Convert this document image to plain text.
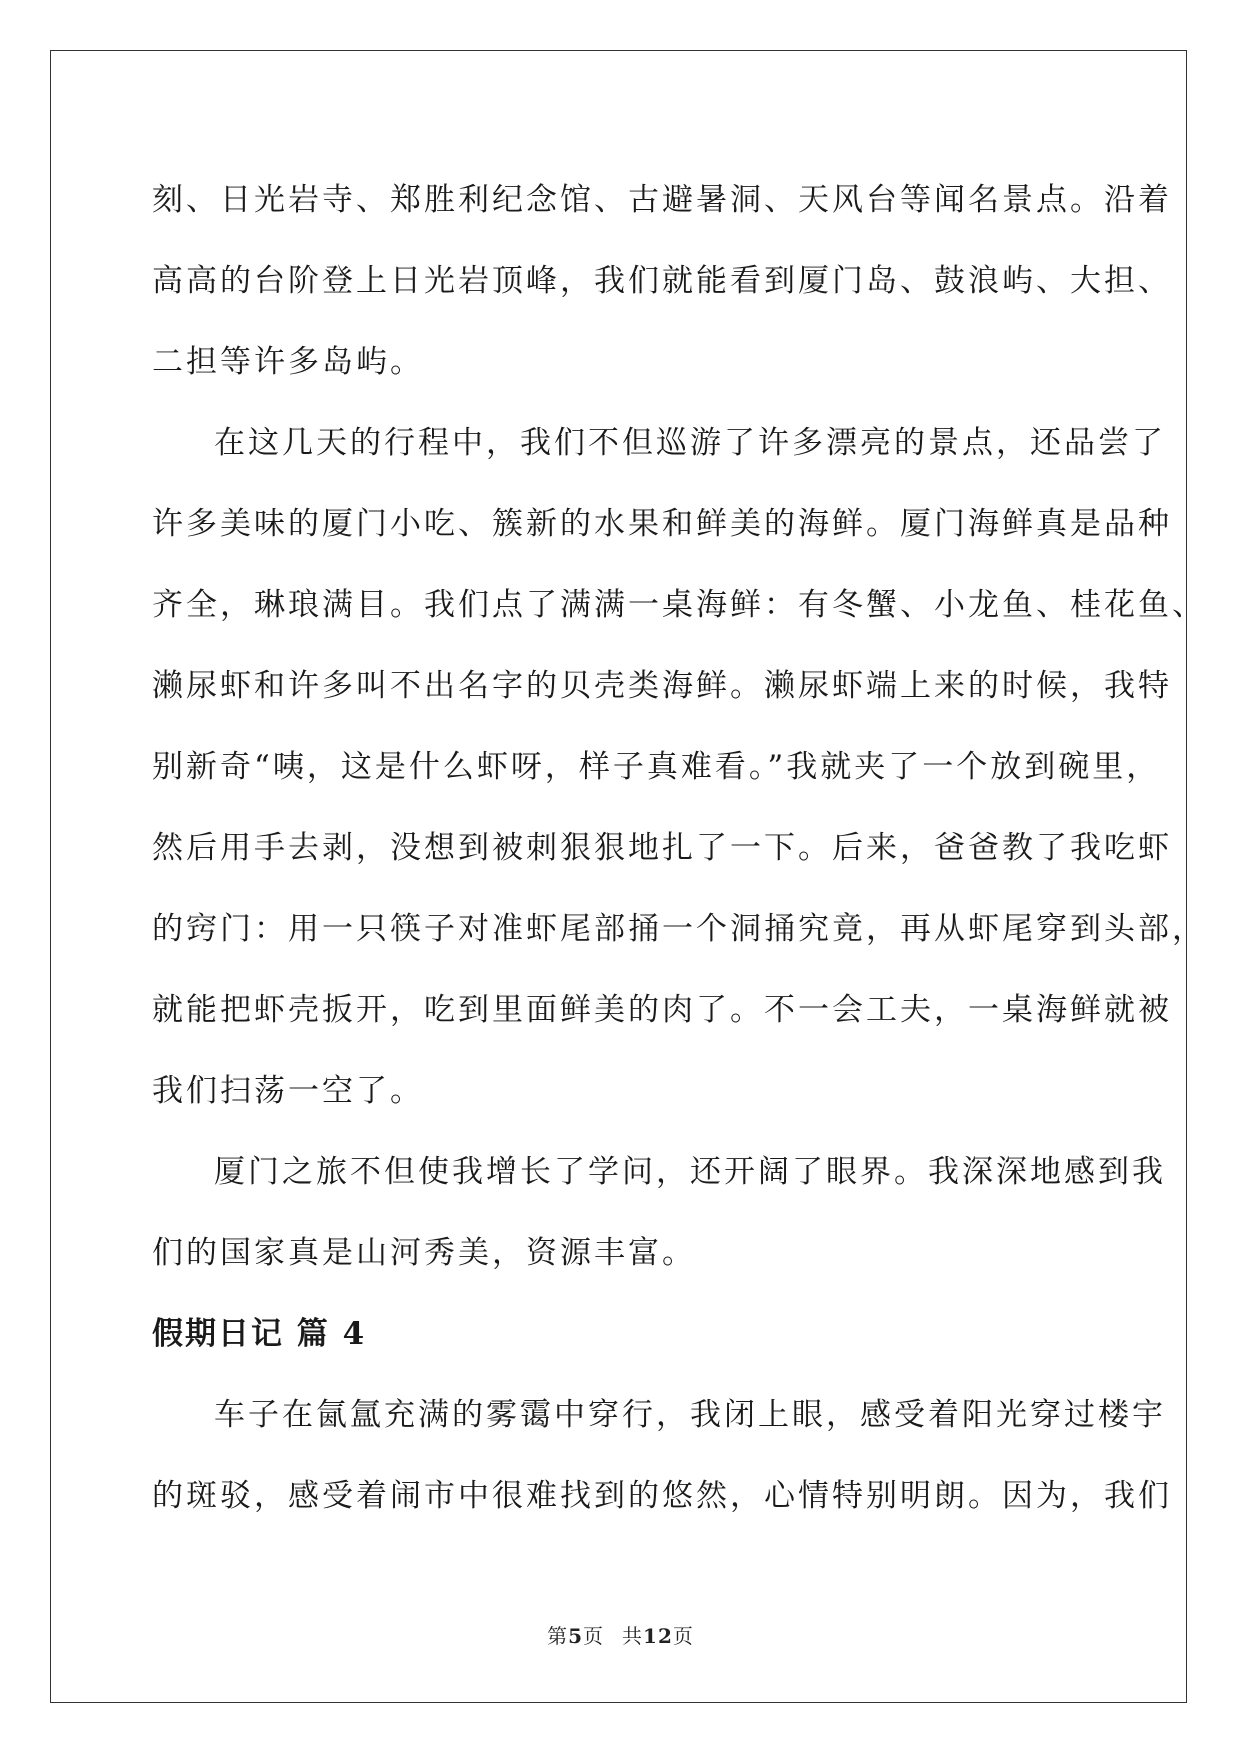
刻、日光岩寺、郑胜利纪念馆、古避暑洞、天风台等闻名景点。沿着

高高的台阶登上日光岩顶峰，我们就能看到厦门岛、鼓浪屿、大担、

二担等许多岛屿。

在这几天的行程中，我们不但巡游了许多漂亮的景点，还品尝了

许多美味的厦门小吃、簇新的水果和鲜美的海鲜。厦门海鲜真是品种

齐全，琳琅满目。我们点了满满一桌海鲜：有冬蟹、小龙鱼、桂花鱼、

濑尿虾和许多叫不出名字的贝壳类海鲜。濑尿虾端上来的时候，我特

别新奇“咦，这是什么虾呀，样子真难看。”我就夹了一个放到碗里，

然后用手去剥，没想到被刺狠狠地扎了一下。后来，爸爸教了我吃虾

的窍门：用一只筷子对准虾尾部捅一个洞捅究竟，再从虾尾穿到头部，

就能把虾壳扳开，吃到里面鲜美的肉了。不一会工夫，一桌海鲜就被

我们扫荡一空了。

厦门之旅不但使我增长了学问，还开阔了眼界。我深深地感到我

们的国家真是山河秀美，资源丰富。

假期日记 篇 4

车子在氤氲充满的雾霭中穿行，我闭上眼，感受着阳光穿过楼宇

的斑驳，感受着闹市中很难找到的悠然，心情特别明朗。因为，我们

第5页 共12页
